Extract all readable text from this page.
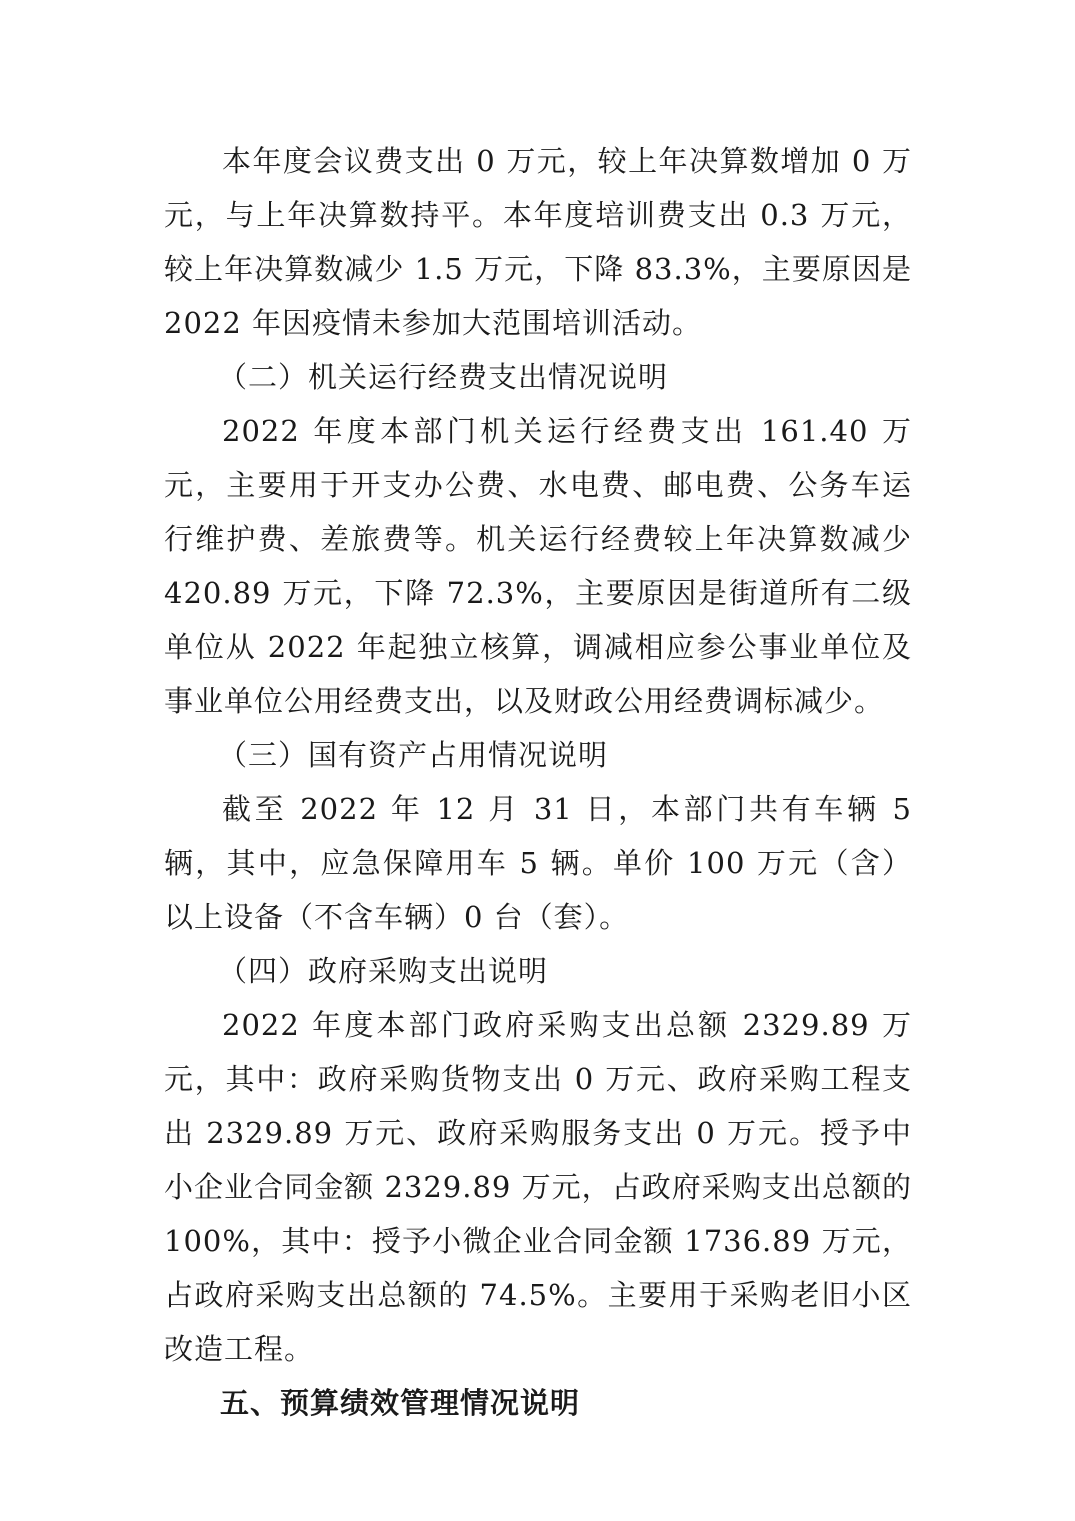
本年度会议费支出 0 万元，较上年决算数增加 0 万元，与上年决算数持平。本年度培训费支出 0.3 万元，较上年决算数减少 1.5 万元，下降 83.3%，主要原因是 2022 年因疫情未参加大范围培训活动。

（二）机关运行经费支出情况说明

2022 年度本部门机关运行经费支出 161.40 万元，主要用于开支办公费、水电费、邮电费、公务车运行维护费、差旅费等。机关运行经费较上年决算数减少 420.89 万元，下降 72.3%，主要原因是街道所有二级单位从 2022 年起独立核算，调减相应参公事业单位及事业单位公用经费支出，以及财政公用经费调标减少。

（三）国有资产占用情况说明

截至 2022 年 12 月 31 日，本部门共有车辆 5 辆，其中，应急保障用车 5 辆。单价 100 万元（含）以上设备（不含车辆）0 台（套）。

（四）政府采购支出说明

2022 年度本部门政府采购支出总额 2329.89 万元，其中：政府采购货物支出 0 万元、政府采购工程支出 2329.89 万元、政府采购服务支出 0 万元。授予中小企业合同金额 2329.89 万元，占政府采购支出总额的 100%，其中：授予小微企业合同金额 1736.89 万元，占政府采购支出总额的 74.5%。主要用于采购老旧小区改造工程。

五、预算绩效管理情况说明
